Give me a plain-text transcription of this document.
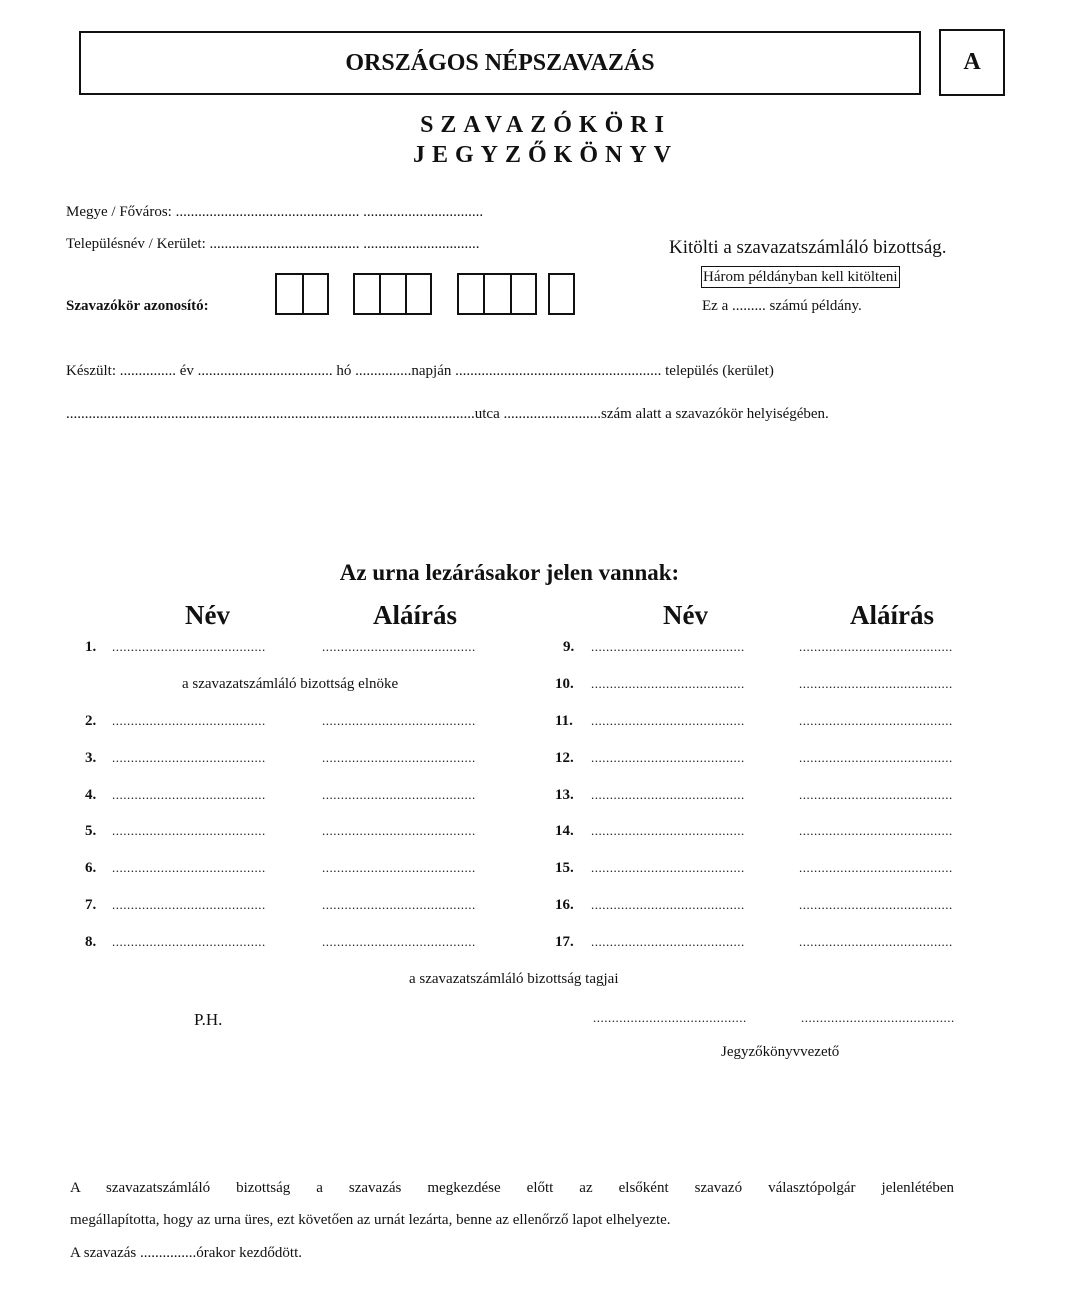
ORSZÁGOS NÉPSZAVAZÁS	A
SZAVAZÓKÖRI
JEGYZŐKÖNYV
Megye / Főváros: ................................................. ................................
Településnév / Kerület: ........................................ ...............................
Szavazókör azonosító:
Kitölti a szavazatszámláló bizottság.
Három példányban kell kitölteni
Ez a ......... számú példány.
Készült: ............... év .................................... hó ...............napján ....................................................... település (kerület)
.............................................................................................................utca ..........................szám alatt a szavazókör helyiségében.
Az urna lezárásakor jelen vannak:
Név	Aláírás	Név	Aláírás
1. .........................................	.........................................
a szavazatszámláló bizottság elnöke
2. .........................................	.........................................
3. .........................................	.........................................
4. .........................................	.........................................
5. .........................................	.........................................
6. .........................................	.........................................
7. .........................................	.........................................
8. .........................................	.........................................
9. .........................................	.........................................
10. .........................................	.........................................
11. .........................................	.........................................
12. .........................................	.........................................
13. .........................................	.........................................
14. .........................................	.........................................
15. .........................................	.........................................
16. .........................................	.........................................
17. .........................................	.........................................
a szavazatszámláló bizottság tagjai
P.H.	.........................................	.........................................
Jegyzőkönyvvezető
A szavazatszámláló bizottság a szavazás megkezdése előtt az elsőként szavazó választópolgár jelenlétében
megállapította, hogy az urna üres, ezt követően az urnát lezárta, benne az ellenőrző lapot elhelyezte.
A szavazás ...............órakor kezdődött.
